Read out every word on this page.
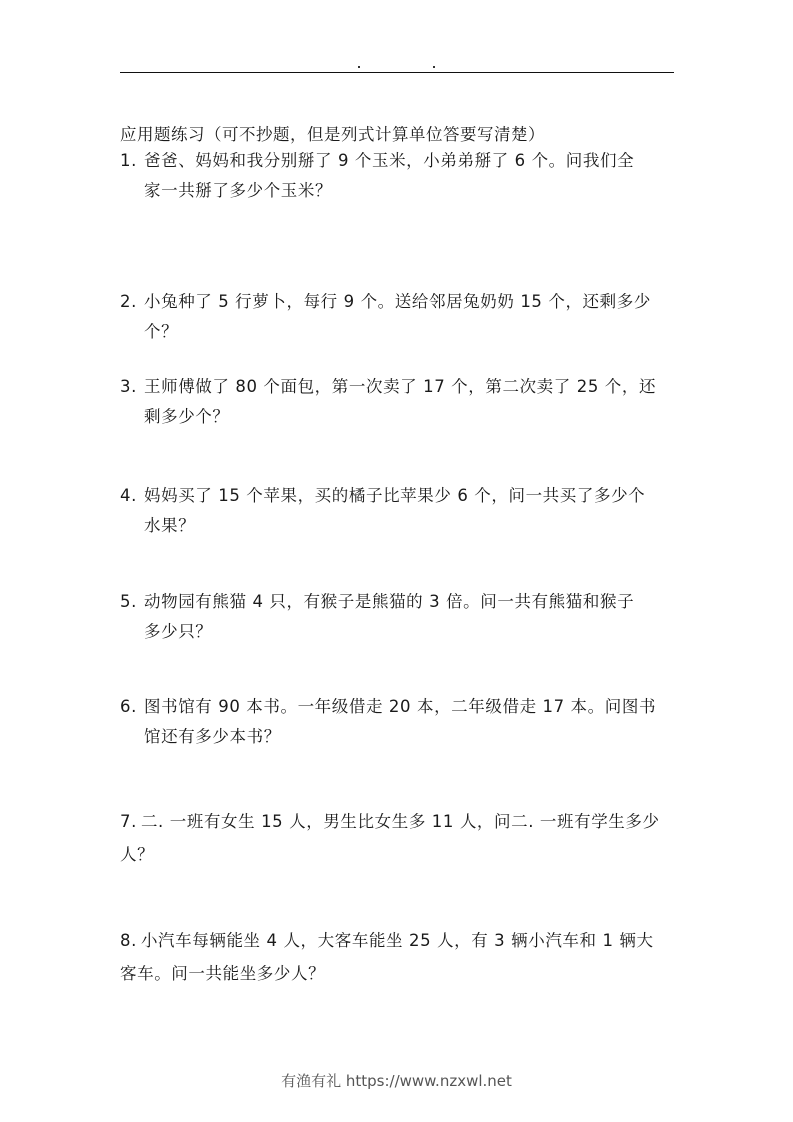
应用题练习（可不抄题，但是列式计算单位答要写清楚）
1. 爸爸、妈妈和我分别掰了 9 个玉米，小弟弟掰了 6 个。问我们全
家一共掰了多少个玉米？
2. 小兔种了 5 行萝卜，每行 9 个。送给邻居兔奶奶 15 个，还剩多少
个？
3. 王师傅做了 80 个面包，第一次卖了 17 个，第二次卖了 25 个，还
剩多少个？
4. 妈妈买了 15 个苹果，买的橘子比苹果少 6 个，问一共买了多少个
水果？
5. 动物园有熊猫 4 只，有猴子是熊猫的 3 倍。问一共有熊猫和猴子
多少只？
6. 图书馆有 90 本书。一年级借走 20 本，二年级借走 17 本。问图书
馆还有多少本书？
7. 二. 一班有女生 15 人，男生比女生多 11 人，问二. 一班有学生多少
人？
8. 小汽车每辆能坐 4 人，大客车能坐 25 人，有 3 辆小汽车和 1 辆大
客车。问一共能坐多少人？
有渔有礼 https://www.nzxwl.net
